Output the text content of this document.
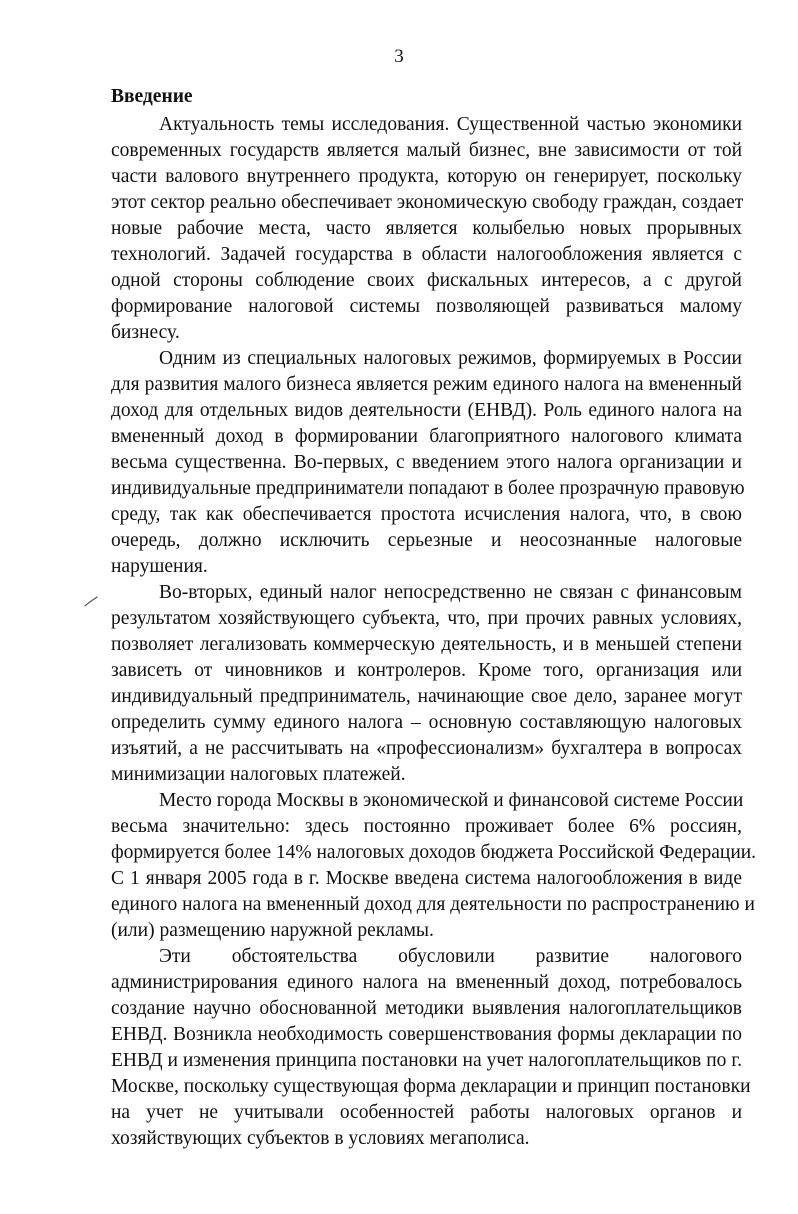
3
Введение
Актуальность темы исследования. Существенной частью экономики
современных государств является малый бизнес, вне зависимости от той
части валового внутреннего продукта, которую он генерирует, поскольку
этот сектор реально обеспечивает экономическую свободу граждан, создает
новые рабочие места, часто является колыбелью новых прорывных
технологий. Задачей государства в области налогообложения является с
одной стороны соблюдение своих фискальных интересов, а с другой
формирование налоговой системы позволяющей развиваться малому
бизнесу.
Одним из специальных налоговых режимов, формируемых в России
для развития малого бизнеса является режим единого налога на вмененный
доход для отдельных видов деятельности (ЕНВД). Роль единого налога на
вмененный доход в формировании благоприятного налогового климата
весьма существенна. Во-первых, с введением этого налога организации и
индивидуальные предприниматели попадают в более прозрачную правовую
среду, так как обеспечивается простота исчисления налога, что, в свою
очередь, должно исключить серьезные и неосознанные налоговые
нарушения.
Во-вторых, единый налог непосредственно не связан с финансовым
результатом хозяйствующего субъекта, что, при прочих равных условиях,
позволяет легализовать коммерческую деятельность, и в меньшей степени
зависеть от чиновников и контролеров. Кроме того, организация или
индивидуальный предприниматель, начинающие свое дело, заранее могут
определить сумму единого налога – основную составляющую налоговых
изъятий, а не рассчитывать на «профессионализм» бухгалтера в вопросах
минимизации налоговых платежей.
Место города Москвы в экономической и финансовой системе России
весьма значительно: здесь постоянно проживает более 6% россиян,
формируется более 14% налоговых доходов бюджета Российской Федерации.
С 1 января 2005 года в г. Москве введена система налогообложения в виде
единого налога на вмененный доход для деятельности по распространению и
(или) размещению наружной рекламы.
Эти обстоятельства обусловили развитие налогового
администрирования единого налога на вмененный доход, потребовалось
создание научно обоснованной методики выявления налогоплательщиков
ЕНВД. Возникла необходимость совершенствования формы декларации по
ЕНВД и изменения принципа постановки на учет налогоплательщиков по г.
Москве, поскольку существующая форма декларации и принцип постановки
на учет не учитывали особенностей работы налоговых органов и
хозяйствующих субъектов в условиях мегаполиса.
